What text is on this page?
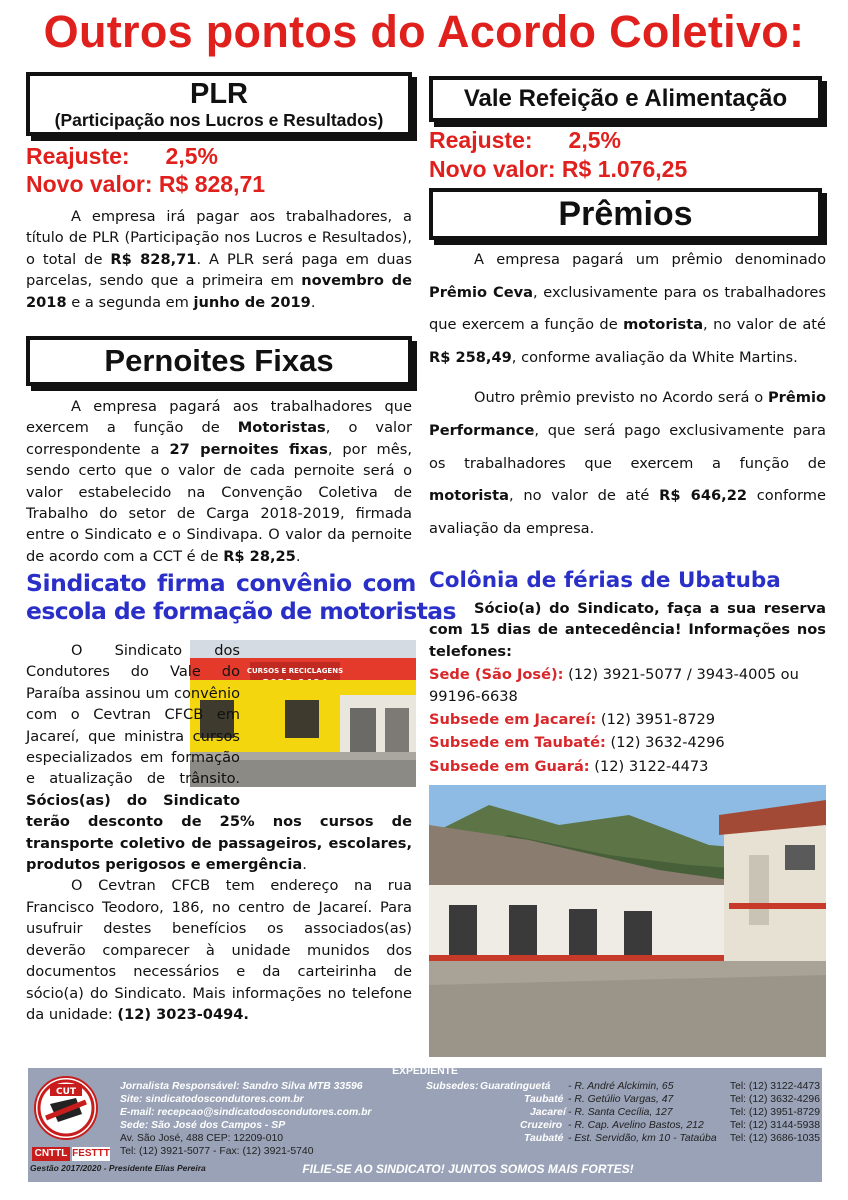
Outros pontos do Acordo Coletivo:
PLR
(Participação nos Lucros e Resultados)
Reajuste: 2,5%
Novo valor: R$ 828,71
A empresa irá pagar aos trabalhadores, a título de PLR (Participação nos Lucros e Resultados), o total de R$ 828,71. A PLR será paga em duas parcelas, sendo que a primeira em novembro de 2018 e a segunda em junho de 2019.
Pernoites Fixas
A empresa pagará aos trabalhadores que exercem a função de Motoristas, o valor correspondente a 27 pernoites fixas, por mês, sendo certo que o valor de cada pernoite será o valor estabelecido na Convenção Coletiva de Trabalho do setor de Carga 2018-2019, firmada entre o Sindicato e o Sindivapa. O valor da pernoite de acordo com a CCT é de R$ 28,25.
Sindicato firma convênio com
escola de formação de motoristas
CURSOS E RECICLAGENS
O Sindicato dos Condutores do Vale do Paraíba assinou um convênio com o Cevtran CFCB em Jacareí, que ministra cursos especializados em formação e atualização de trânsito. Sócios(as) do Sindicato terão desconto de 25% nos cursos de transporte coletivo de passageiros, escolares, produtos perigosos e emergência.
O Cevtran CFCB tem endereço na rua Francisco Teodoro, 186, no centro de Jacareí. Para usufruir destes benefícios os associados(as) deverão comparecer à unidade munidos dos documentos necessários e da carteirinha de sócio(a) do Sindicato. Mais informações no telefone da unidade: (12) 3023-0494.
Vale Refeição e Alimentação
Reajuste: 2,5%
Novo valor: R$ 1.076,25
Prêmios
A empresa pagará um prêmio denominado Prêmio Ceva, exclusivamente para os trabalhadores que exercem a função de motorista, no valor de até R$ 258,49, conforme avaliação da White Martins.
Outro prêmio previsto no Acordo será o Prêmio Performance, que será pago exclusivamente para os trabalhadores que exercem a função de motorista, no valor de até R$ 646,22 conforme avaliação da empresa.
Colônia de férias de Ubatuba
Sócio(a) do Sindicato, faça a sua reserva com 15 dias de antecedência! Informações nos telefones:
Sede (São José): (12) 3921-5077 / 3943-4005 ou 99196-6638
Subsede em Jacareí: (12) 3951-8729
Subsede em Taubaté: (12) 3632-4296
Subsede em Guará: (12) 3122-4473
EXPEDIENTE
CUT
CNTTL FESTTT
Gestão 2017/2020 - Presidente Elias Pereira
Jornalista Responsável: Sandro Silva MTB 33596
Site: sindicatodoscondutores.com.br
E-mail: recepcao@sindicatodoscondutores.com.br
Sede: São José dos Campos - SP
Av. São José, 488 CEP: 12209-010
Tel: (12) 3921-5077 - Fax: (12) 3921-5740
Subsedes: Guaratinguetá - R. André Alckimin, 65	Tel: (12) 3122-4473
Taubaté - R. Getúlio Vargas, 47	Tel: (12) 3632-4296
Jacareí - R. Santa Cecília, 127	Tel: (12) 3951-8729
Cruzeiro - R. Cap. Avelino Bastos, 212	Tel: (12) 3144-5938
Taubaté - Est. Servidão, km 10 - Tataúba Tel: (12) 3686-1035
FILIE-SE AO SINDICATO! JUNTOS SOMOS MAIS FORTES!
